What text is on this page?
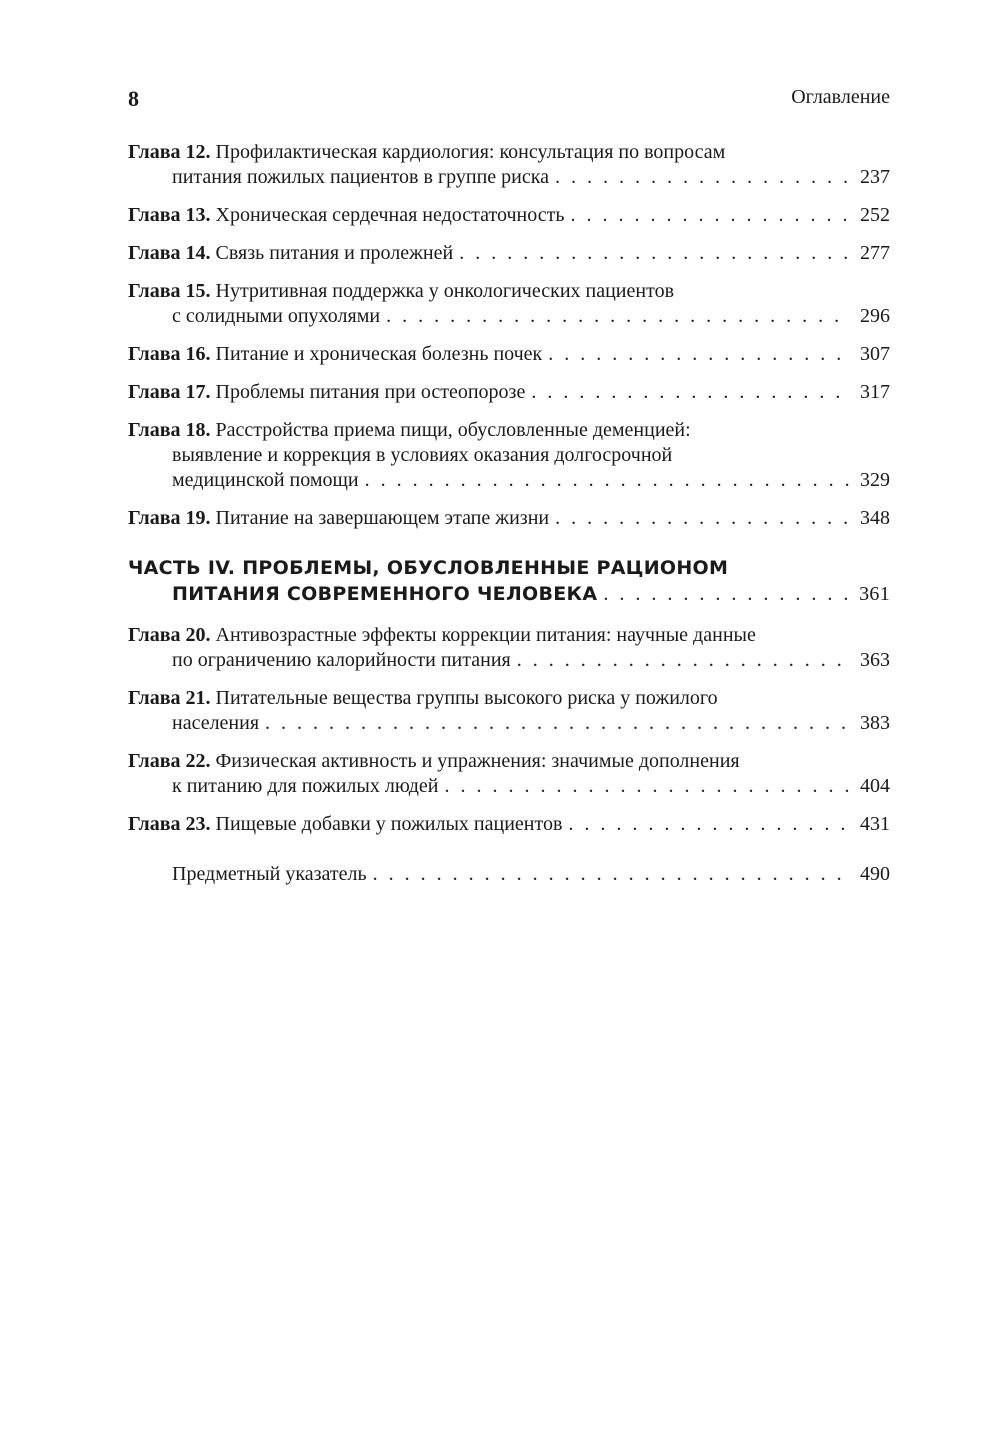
8	Оглавление
Глава 12. Профилактическая кардиология: консультация по вопросам
питания пожилых пациентов в группе риска . . .	237
Глава 13. Хроническая сердечная недостаточность . . .	252
Глава 14. Связь питания и пролежней . . .	277
Глава 15. Нутритивная поддержка у онкологических пациентов
с солидными опухолями . . .	296
Глава 16. Питание и хроническая болезнь почек . . .	307
Глава 17. Проблемы питания при остеопорозе . . .	317
Глава 18. Расстройства приема пищи, обусловленные деменцией:
выявление и коррекция в условиях оказания долгосрочной
медицинской помощи . . .	329
Глава 19. Питание на завершающем этапе жизни . . .	348
ЧАСТЬ IV. ПРОБЛЕМЫ, ОБУСЛОВЛЕННЫЕ РАЦИОНОМ
ПИТАНИЯ СОВРЕМЕННОГО ЧЕЛОВЕКА . . .	361
Глава 20. Антивозрастные эффекты коррекции питания: научные данные
по ограничению калорийности питания . . .	363
Глава 21. Питательные вещества группы высокого риска у пожилого
населения . . .	383
Глава 22. Физическая активность и упражнения: значимые дополнения
к питанию для пожилых людей . . .	404
Глава 23. Пищевые добавки у пожилых пациентов . . .	431
Предметный указатель . . .	490
